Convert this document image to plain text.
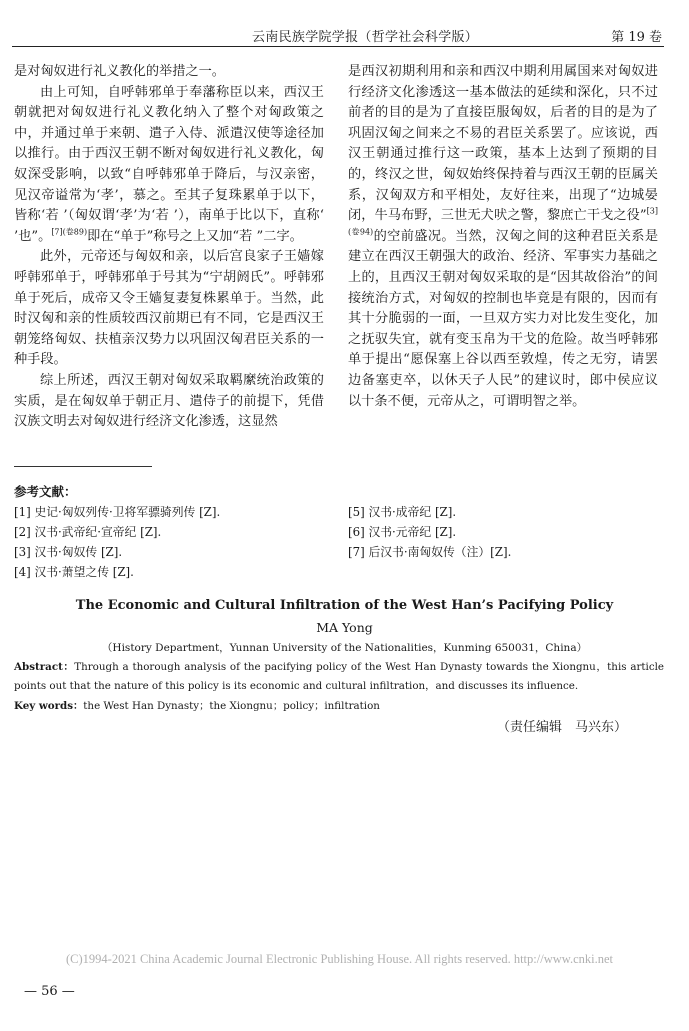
云南民族学院学报（哲学社会科学版）	第 19 卷

是对匈奴进行礼义教化的举措之一。

由上可知，自呼韩邪单于奉藩称臣以来，西汉王朝就把对匈奴进行礼义教化纳入了整个对匈政策之中，并通过单于来朝、遣子入侍、派遣汉使等途径加以推行。由于西汉王朝不断对匈奴进行礼义教化，匈奴深受影响，以致“自呼韩邪单于降后，与汉亲密，见汉帝谥常为‘孝’，慕之。至其子复珠累单于以下，皆称‘若 ’（匈奴谓‘孝’为‘若 ’），南单于比以下，直称‘ ’也”。$^{[7](卷89)}$即在“单于”称号之上又加“若 ”二字。

此外，元帝还与匈奴和亲，以后宫良家子王嫱嫁呼韩邪单于，呼韩邪单于号其为“宁胡阏氏”。呼韩邪单于死后，成帝又令王嫱复妻复株累单于。当然，此时汉匈和亲的性质较西汉前期已有不同，它是西汉王朝笼络匈奴、扶植亲汉势力以巩固汉匈君臣关系的一种手段。

综上所述，西汉王朝对匈奴采取羁縻统治政策的实质，是在匈奴单于朝正月、遣侍子的前提下，凭借汉族文明去对匈奴进行经济文化渗透，这显然

是西汉初期利用和亲和西汉中期利用属国来对匈奴进行经济文化渗透这一基本做法的延续和深化，只不过前者的目的是为了直接臣服匈奴，后者的目的是为了巩固汉匈之间来之不易的君臣关系罢了。应该说，西汉王朝通过推行这一政策，基本上达到了预期的目的，终汉之世，匈奴始终保持着与西汉王朝的臣属关系，汉匈双方和平相处，友好往来，出现了“边城晏闭，牛马布野，三世无犬吠之警，黎庶亡干戈之役”$^{[3](卷94)}$的空前盛况。当然，汉匈之间的这种君臣关系是建立在西汉王朝强大的政治、经济、军事实力基础之上的，且西汉王朝对匈奴采取的是“因其故俗治”的间接统治方式，对匈奴的控制也毕竟是有限的，因而有其十分脆弱的一面，一旦双方实力对比发生变化，加之抚驭失宜，就有变玉帛为干戈的危险。故当呼韩邪单于提出“愿保塞上谷以西至敦煌，传之无穷，请罢边备塞吏卒，以休天子人民”的建议时，郎中侯应议以十条不便，元帝从之，可谓明智之举。

参考文献：
[1] 史记·匈奴列传·卫将军骠骑列传 [Z].
[2] 汉书·武帝纪·宣帝纪 [Z].
[3] 汉书·匈奴传 [Z].
[4] 汉书·萧望之传 [Z].
[5] 汉书·成帝纪 [Z].
[6] 汉书·元帝纪 [Z].
[7] 后汉书·南匈奴传（注）[Z].
The Economic and Cultural Infiltration of the West Han’s Pacifying Policy
MA Yong
（History Department，Yunnan University of the Nationalities，Kunming 650031，China）
Abstract：Through a thorough analysis of the pacifying policy of the West Han Dynasty towards the Xiongnu，this article points out that the nature of this policy is its economic and cultural infiltration，and discusses its influence.
Key words：the West Han Dynasty；the Xiongnu；policy；infiltration
（责任编辑　马兴东）
(C)1994-2021 China Academic Journal Electronic Publishing House. All rights reserved. http://www.cnki.net
— 56 —
